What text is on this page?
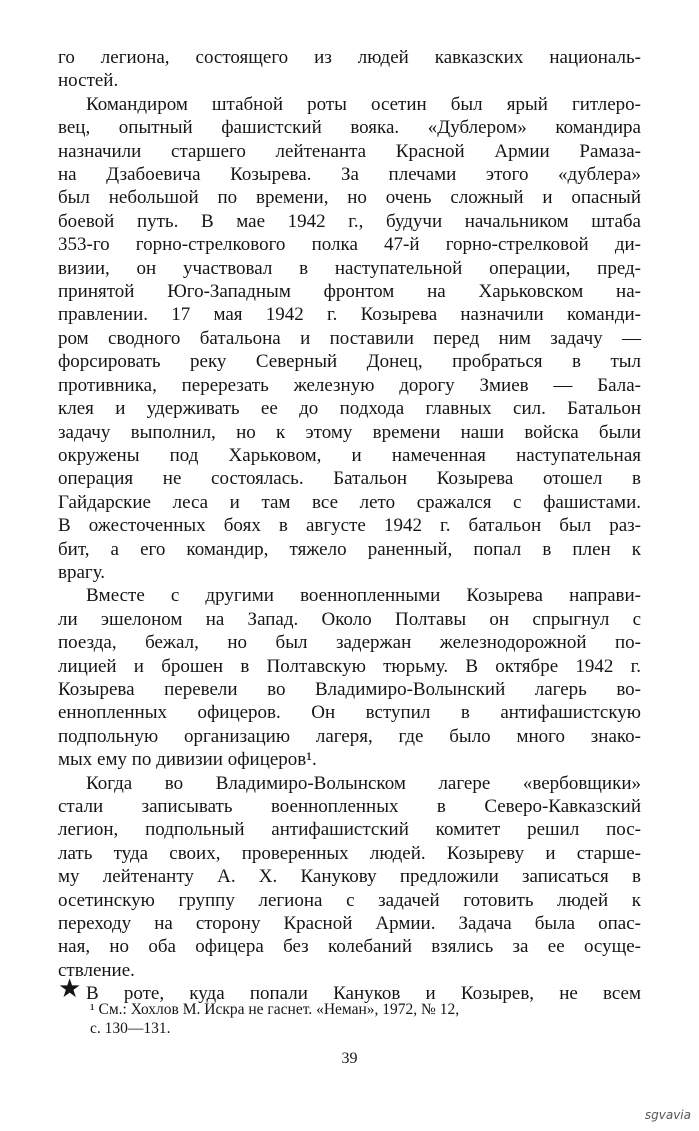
го легиона, состоящего из людей кавказских националь-
ностей.
Командиром штабной роты осетин был ярый гитлеро-
вец, опытный фашистский вояка. «Дублером» командира
назначили старшего лейтенанта Красной Армии Рамаза-
на Дзабоевича Козырева. За плечами этого «дублера»
был небольшой по времени, но очень сложный и опасный
боевой путь. В мае 1942 г., будучи начальником штаба
353-го горно-стрелкового полка 47-й горно-стрелковой ди-
визии, он участвовал в наступательной операции, пред-
принятой Юго-Западным фронтом на Харьковском на-
правлении. 17 мая 1942 г. Козырева назначили команди-
ром сводного батальона и поставили перед ним задачу —
форсировать реку Северный Донец, пробраться в тыл
противника, перерезать железную дорогу Змиев — Бала-
клея и удерживать ее до подхода главных сил. Батальон
задачу выполнил, но к этому времени наши войска были
окружены под Харьковом, и намеченная наступательная
операция не состоялась. Батальон Козырева отошел в
Гайдарские леса и там все лето сражался с фашистами.
В ожесточенных боях в августе 1942 г. батальон был раз-
бит, а его командир, тяжело раненный, попал в плен к
врагу.
Вместе с другими военнопленными Козырева направи-
ли эшелоном на Запад. Около Полтавы он спрыгнул с
поезда, бежал, но был задержан железнодорожной по-
лицией и брошен в Полтавскую тюрьму. В октябре 1942 г.
Козырева перевели во Владимиро-Волынский лагерь во-
еннопленных офицеров. Он вступил в антифашистскую
подпольную организацию лагеря, где было много знако-
мых ему по дивизии офицеров¹.
Когда во Владимиро-Волынском лагере «вербовщики»
стали записывать военнопленных в Северо-Кавказский
легион, подпольный антифашистский комитет решил пос-
лать туда своих, проверенных людей. Козыреву и старше-
му лейтенанту А. Х. Канукову предложили записаться в
осетинскую группу легиона с задачей готовить людей к
переходу на сторону Красной Армии. Задача была опас-
ная, но оба офицера без колебаний взялись за ее осуще-
ствление.
В роте, куда попали Кануков и Козырев, не всем
★
¹ См.: Хохлов М. Искра не гаснет. «Неман», 1972, № 12,
с. 130—131.
39
sgvavia
